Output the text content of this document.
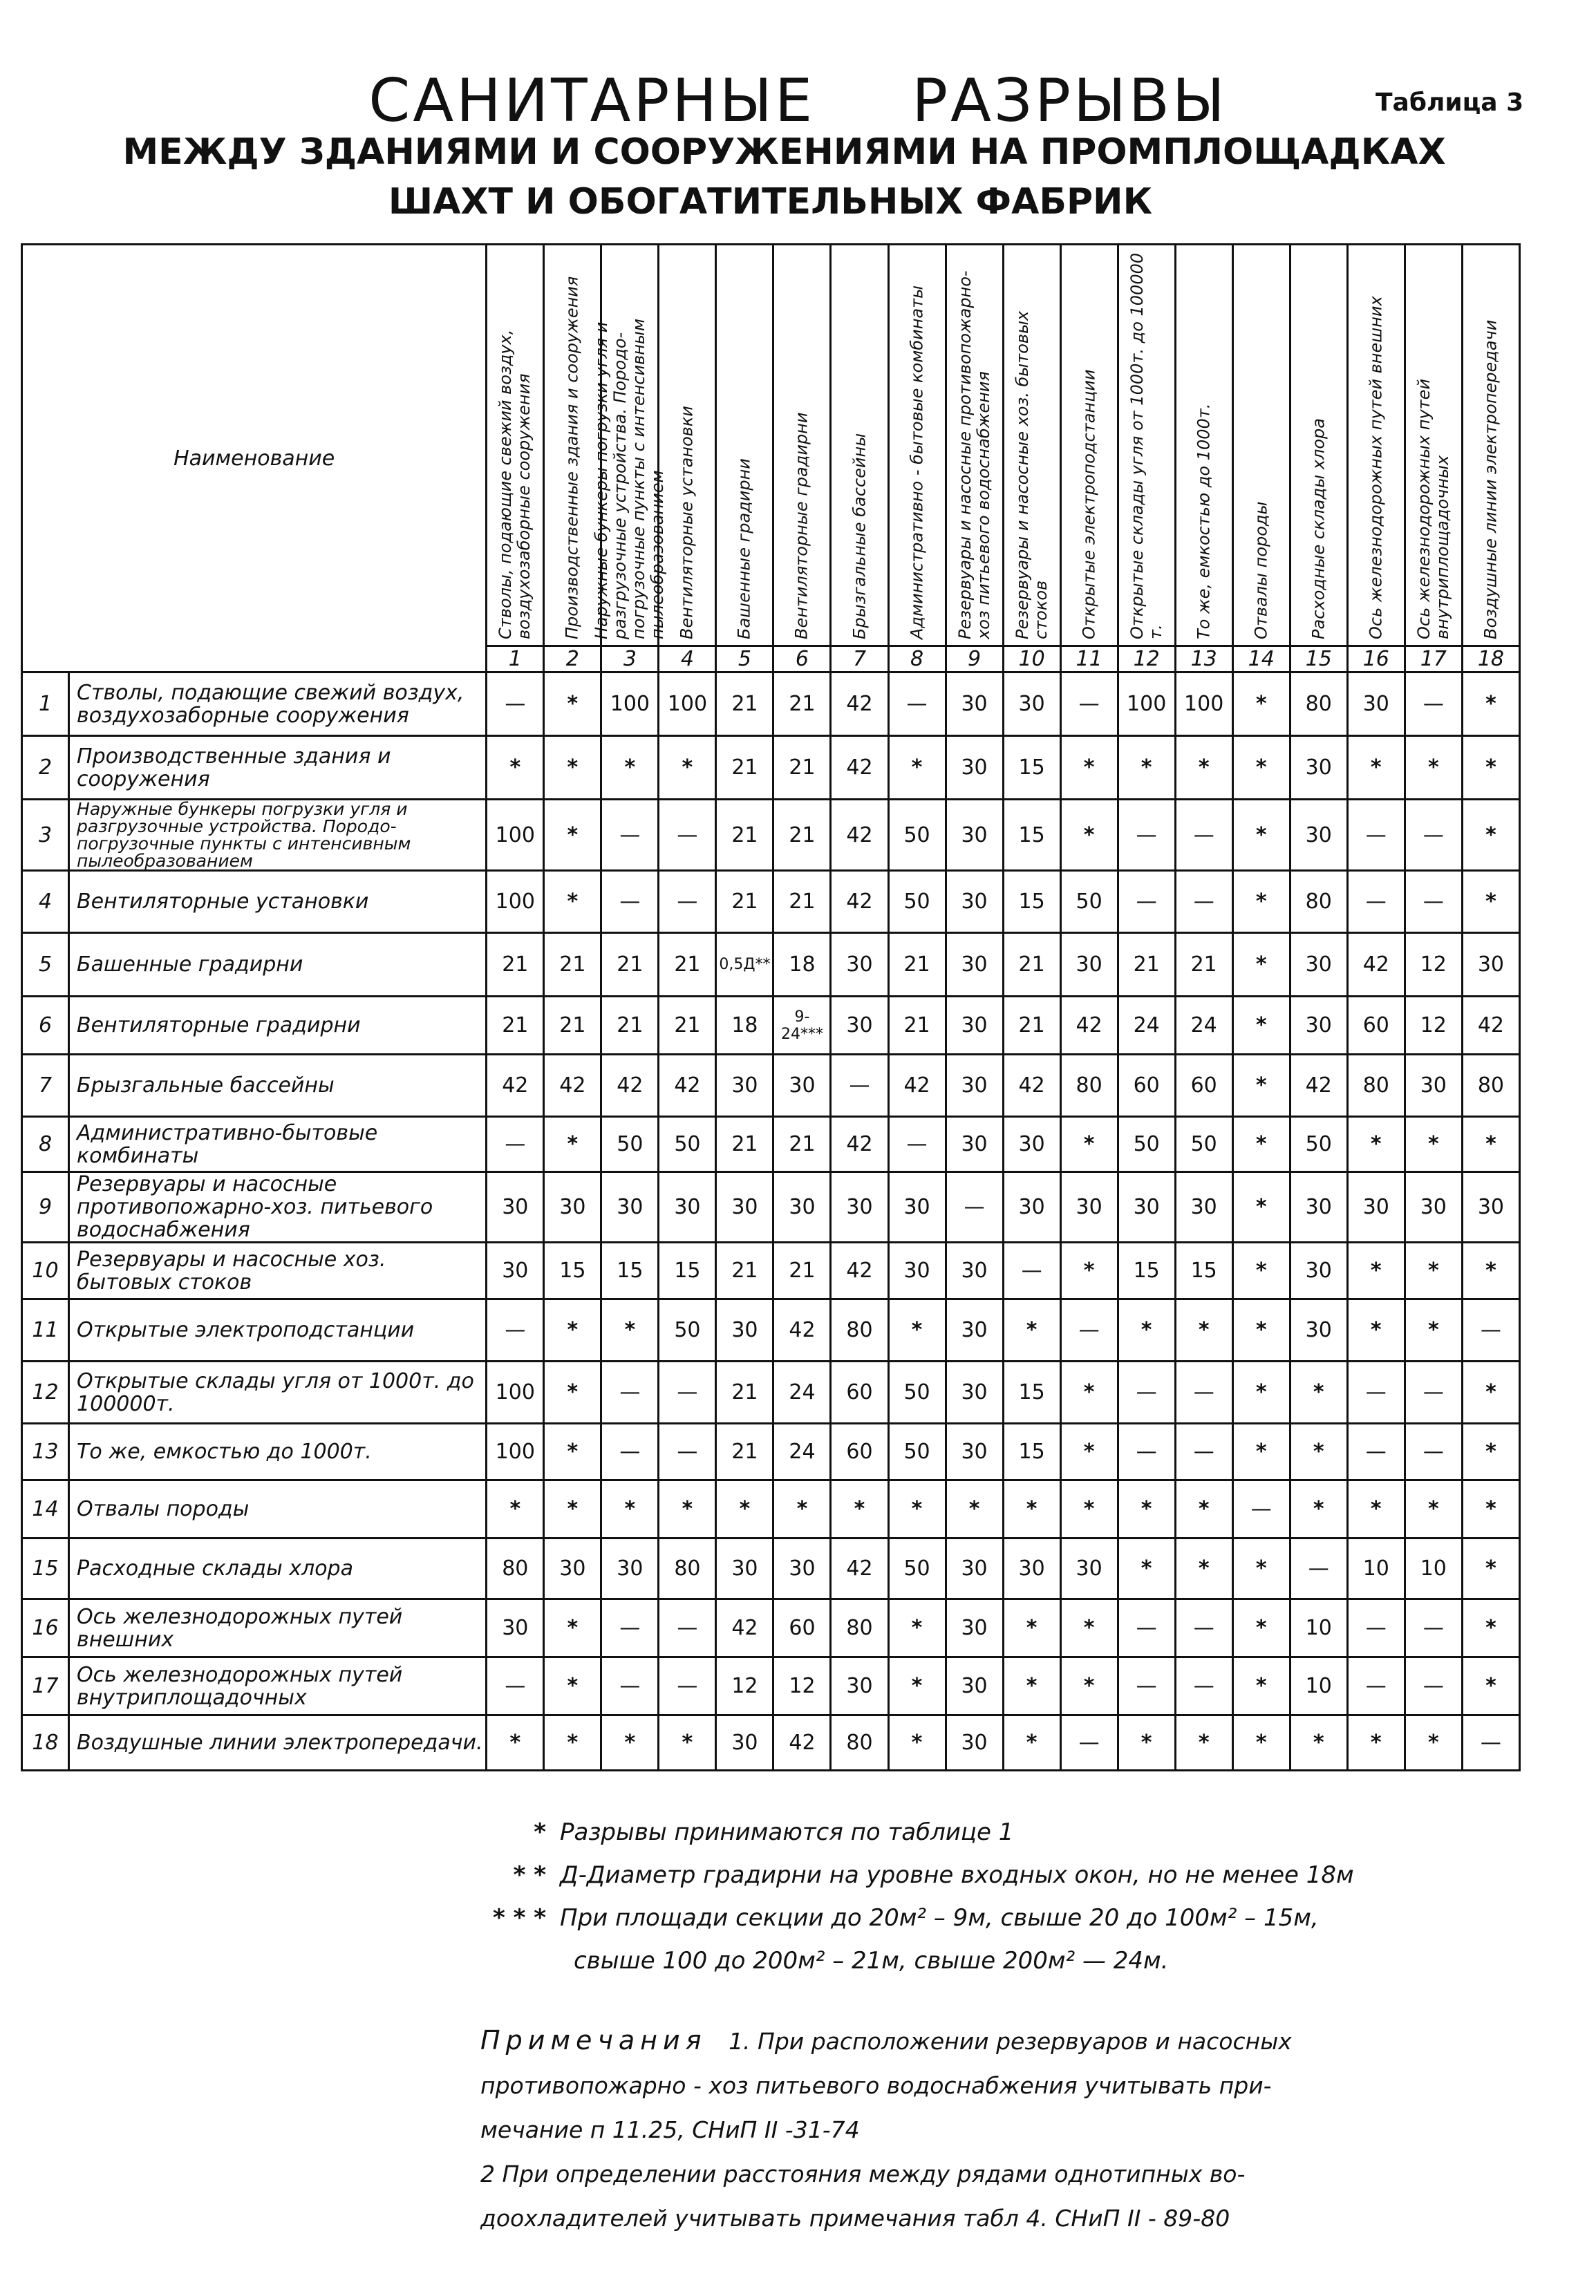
САНИТАРНЫЕ РАЗРЫВЫ	Таблица 3
МЕЖДУ ЗДАНИЯМИ И СООРУЖЕНИЯМИ НА ПРОМПЛОЩАДКАХ
ШАХТ И ОБОГАТИТЕЛЬНЫХ ФАБРИК
Наименование		Стволы, подающие свежий воздух, воздухозаборные сооружения	Производственные здания и сооружения	Наружные бункеры погрузки угля и разгрузочные устройства. Породо-погрузочные пункты с интенсивным пылеобразованием	Вентиляторные установки	Башенные градирни	Вентиляторные градирни	Брызгальные бассейны	Административно - бытовые комбинаты	Резервуары и насосные противопожарно-хоз питьевого водоснабжения	Резервуары и насосные хоз. бытовых стоков	Открытые электроподстанции	Открытые склады угля от 1000т. до 100000 т.	То же, емкостью до 1000т.	Отвалы породы	Расходные склады хлора	Ось железнодорожных путей внешних	Ось железнодорожных путей внутриплощадочных	Воздушные линии электропередачи

		1	2	3	4	5	6	7	8	9	10	11	12	13	14	15	16	17	18
1	Стволы, подающие свежий воздух, воздухозаборные сооружения	—	*	100	100	21	21	42	—	30	30	—	100	100	*	80	30	—	*
2	Производственные здания и сооружения	*	*	*	*	21	21	42	*	30	15	*	*	*	*	30	*	*	*
3	Наружные бункеры погрузки угля и разгрузочные устройства. Породо-погрузочные пункты с интенсивным пылеобразованием	100	*	—	—	21	21	42	50	30	15	*	—	—	*	30	—	—	*
4	Вентиляторные установки	100	*	—	—	21	21	42	50	30	15	50	—	—	*	80	—	—	*
5	Башенные градирни	21	21	21	21	0,5Д**	18	30	21	30	21	30	21	21	*	30	42	12	30
6	Вентиляторные градирни	21	21	21	21	18	9-24***	30	21	30	21	42	24	24	*	30	60	12	42
7	Брызгальные бассейны	42	42	42	42	30	30	—	42	30	42	80	60	60	*	42	80	30	80
8	Административно-бытовые комбинаты	—	*	50	50	21	21	42	—	30	30	*	50	50	*	50	*	*	*
9	Резервуары и насосные противопожарно-хоз. питьевого водоснабжения	30	30	30	30	30	30	30	30	—	30	30	30	30	*	30	30	30	30
10	Резервуары и насосные хоз. бытовых стоков	30	15	15	15	21	21	42	30	30	—	*	15	15	*	30	*	*	*
11	Открытые электроподстанции	—	*	*	50	30	42	80	*	30	*	—	*	*	*	30	*	*	—
12	Открытые склады угля от 1000т. до 100000т.	100	*	—	—	21	24	60	50	30	15	*	—	—	*	*	—	—	*
13	То же, емкостью до 1000т.	100	*	—	—	21	24	60	50	30	15	*	—	—	*	*	—	—	*
14	Отвалы породы	*	*	*	*	*	*	*	*	*	*	*	*	*	—	*	*	*	*
15	Расходные склады хлора	80	30	30	80	30	30	42	50	30	30	30	*	*	*	—	10	10	*
16	Ось железнодорожных путей внешних	30	*	—	—	42	60	80	*	30	*	*	—	—	*	10	—	—	*
17	Ось железнодорожных путей внутриплощадочных	—	*	—	—	12	12	30	*	30	*	*	—	—	*	10	—	—	*
18	Воздушные линии электропередачи.	*	*	*	*	30	42	80	*	30	*	—	*	*	*	*	*	*	—
* Разрывы принимаются по таблице 1
* * Д-Диаметр градирни на уровне входных окон, но не менее 18м
* * * При площади секции до 20м² – 9м, свыше 20 до 100м² – 15м,
свыше 100 до 200м² – 21м, свыше 200м² — 24м.
Примечания 1. При расположении резервуаров и насосных
противопожарно - хоз питьевого водоснабжения учитывать при-
мечание п 11.25, СНиП II -31-74
2 При определении расстояния между рядами однотипных во-
доохладителей учитывать примечания табл 4. СНиП II - 89-80
